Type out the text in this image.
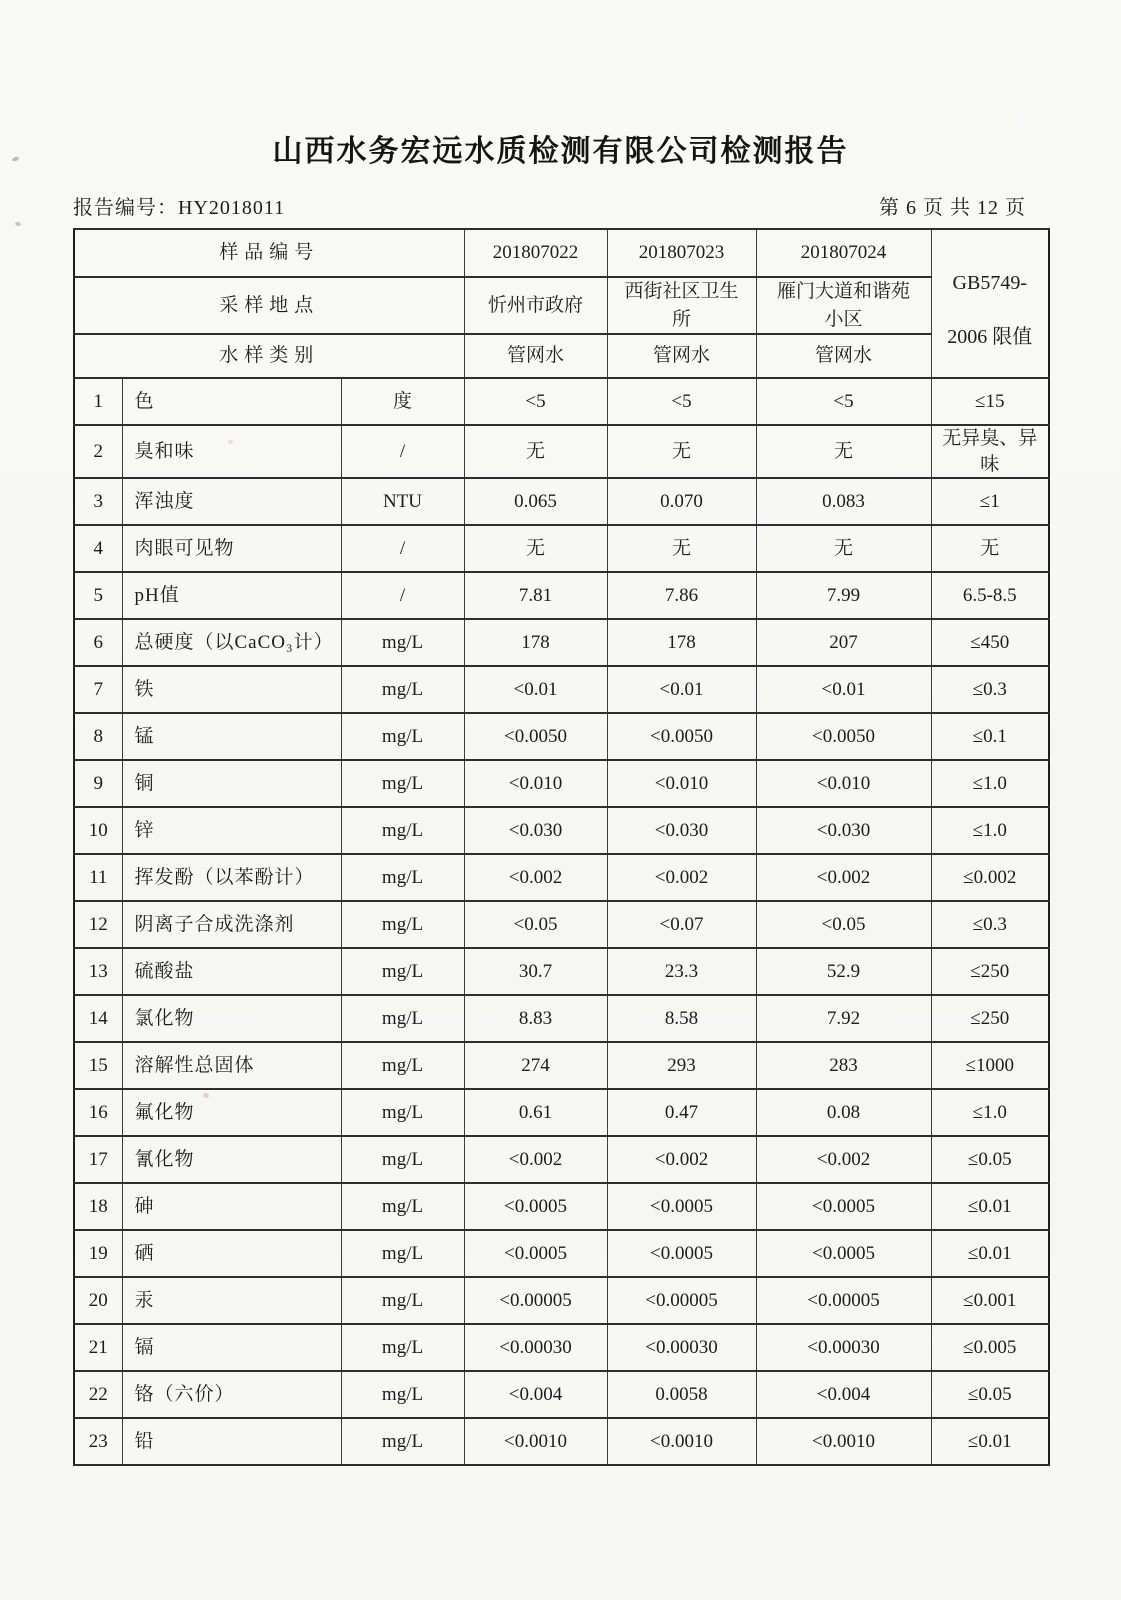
山西水务宏远水质检测有限公司检测报告
报告编号：HY2018011	第 6 页 共 12 页
样品编号			201807022	201807023	201807024	GB5749-
2006 限值

采样地点			忻州市政府	西街社区卫生所	雁门大道和谐苑小区	
水样类别			管网水	管网水	管网水	
1	色	度	<5	<5	<5	≤15
2	臭和味	/	无	无	无	无异臭、异味
3	浑浊度	NTU	0.065	0.070	0.083	≤1
4	肉眼可见物	/	无	无	无	无
5	pH值	/	7.81	7.86	7.99	6.5-8.5
6	总硬度（以CaCO₃计）	mg/L	178	178	207	≤450
7	铁	mg/L	<0.01	<0.01	<0.01	≤0.3
8	锰	mg/L	<0.0050	<0.0050	<0.0050	≤0.1
9	铜	mg/L	<0.010	<0.010	<0.010	≤1.0
10	锌	mg/L	<0.030	<0.030	<0.030	≤1.0
11	挥发酚（以苯酚计）	mg/L	<0.002	<0.002	<0.002	≤0.002
12	阴离子合成洗涤剂	mg/L	<0.05	<0.07	<0.05	≤0.3
13	硫酸盐	mg/L	30.7	23.3	52.9	≤250
14	氯化物	mg/L	8.83	8.58	7.92	≤250
15	溶解性总固体	mg/L	274	293	283	≤1000
16	氟化物	mg/L	0.61	0.47	0.08	≤1.0
17	氰化物	mg/L	<0.002	<0.002	<0.002	≤0.05
18	砷	mg/L	<0.0005	<0.0005	<0.0005	≤0.01
19	硒	mg/L	<0.0005	<0.0005	<0.0005	≤0.01
20	汞	mg/L	<0.00005	<0.00005	<0.00005	≤0.001
21	镉	mg/L	<0.00030	<0.00030	<0.00030	≤0.005
22	铬（六价）	mg/L	<0.004	0.0058	<0.004	≤0.05
23	铅	mg/L	<0.0010	<0.0010	<0.0010	≤0.01
